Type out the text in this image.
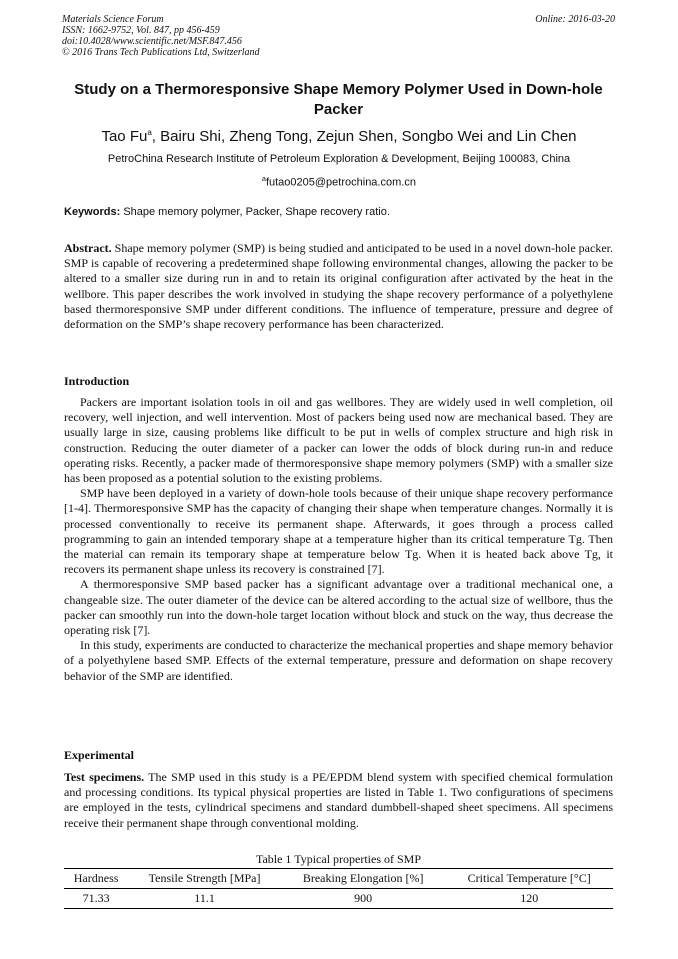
Materials Science Forum
ISSN: 1662-9752, Vol. 847, pp 456-459
doi:10.4028/www.scientific.net/MSF.847.456
© 2016 Trans Tech Publications Ltd, Switzerland
Online: 2016-03-20
Study on a Thermoresponsive Shape Memory Polymer Used in Down-hole Packer
Tao Fu$^a$, Bairu Shi, Zheng Tong, Zejun Shen, Songbo Wei and Lin Chen
PetroChina Research Institute of Petroleum Exploration & Development, Beijing 100083, China
$^a$futao0205@petrochina.com.cn
Keywords: Shape memory polymer, Packer, Shape recovery ratio.

Abstract. Shape memory polymer (SMP) is being studied and anticipated to be used in a novel down-hole packer. SMP is capable of recovering a predetermined shape following environmental changes, allowing the packer to be altered to a smaller size during run in and to retain its original configuration after activated by the heat in the wellbore. This paper describes the work involved in studying the shape recovery performance of a polyethylene based thermoresponsive SMP under different conditions. The influence of temperature, pressure and degree of deformation on the SMP’s shape recovery performance has been characterized.

Introduction

Packers are important isolation tools in oil and gas wellbores. They are widely used in well completion, oil recovery, well injection, and well intervention. Most of packers being used now are mechanical based. They are usually large in size, causing problems like difficult to be put in wells of complex structure and high risk in construction. Reducing the outer diameter of a packer can lower the odds of block during run-in and reduce operating risks. Recently, a packer made of thermoresponsive shape memory polymers (SMP) with a smaller size has been proposed as a potential solution to the existing problems.

SMP have been deployed in a variety of down-hole tools because of their unique shape recovery performance [1-4]. Thermoresponsive SMP has the capacity of changing their shape when temperature changes. Normally it is processed conventionally to receive its permanent shape. Afterwards, it goes through a process called programming to gain an intended temporary shape at a temperature higher than its critical temperature Tg. Then the material can remain its temporary shape at temperature below Tg. When it is heated back above Tg, it recovers its permanent shape unless its recovery is constrained [7].

A thermoresponsive SMP based packer has a significant advantage over a traditional mechanical one, a changeable size. The outer diameter of the device can be altered according to the actual size of wellbore, thus the packer can smoothly run into the down-hole target location without block and stuck on the way, thus decrease the operating risk [7].

In this study, experiments are conducted to characterize the mechanical properties and shape memory behavior of a polyethylene based SMP. Effects of the external temperature, pressure and deformation on shape recovery behavior of the SMP are identified.

Experimental

Test specimens. The SMP used in this study is a PE/EPDM blend system with specified chemical formulation and processing conditions. Its typical physical properties are listed in Table 1. Two configurations of specimens are employed in the tests, cylindrical specimens and standard dumbbell-shaped sheet specimens. All specimens receive their permanent shape through conventional molding.

Table 1 Typical properties of SMP
Hardness	Tensile Strength [MPa]	Breaking Elongation [%]	Critical Temperature [°C]
71.33	11.1	900	120
